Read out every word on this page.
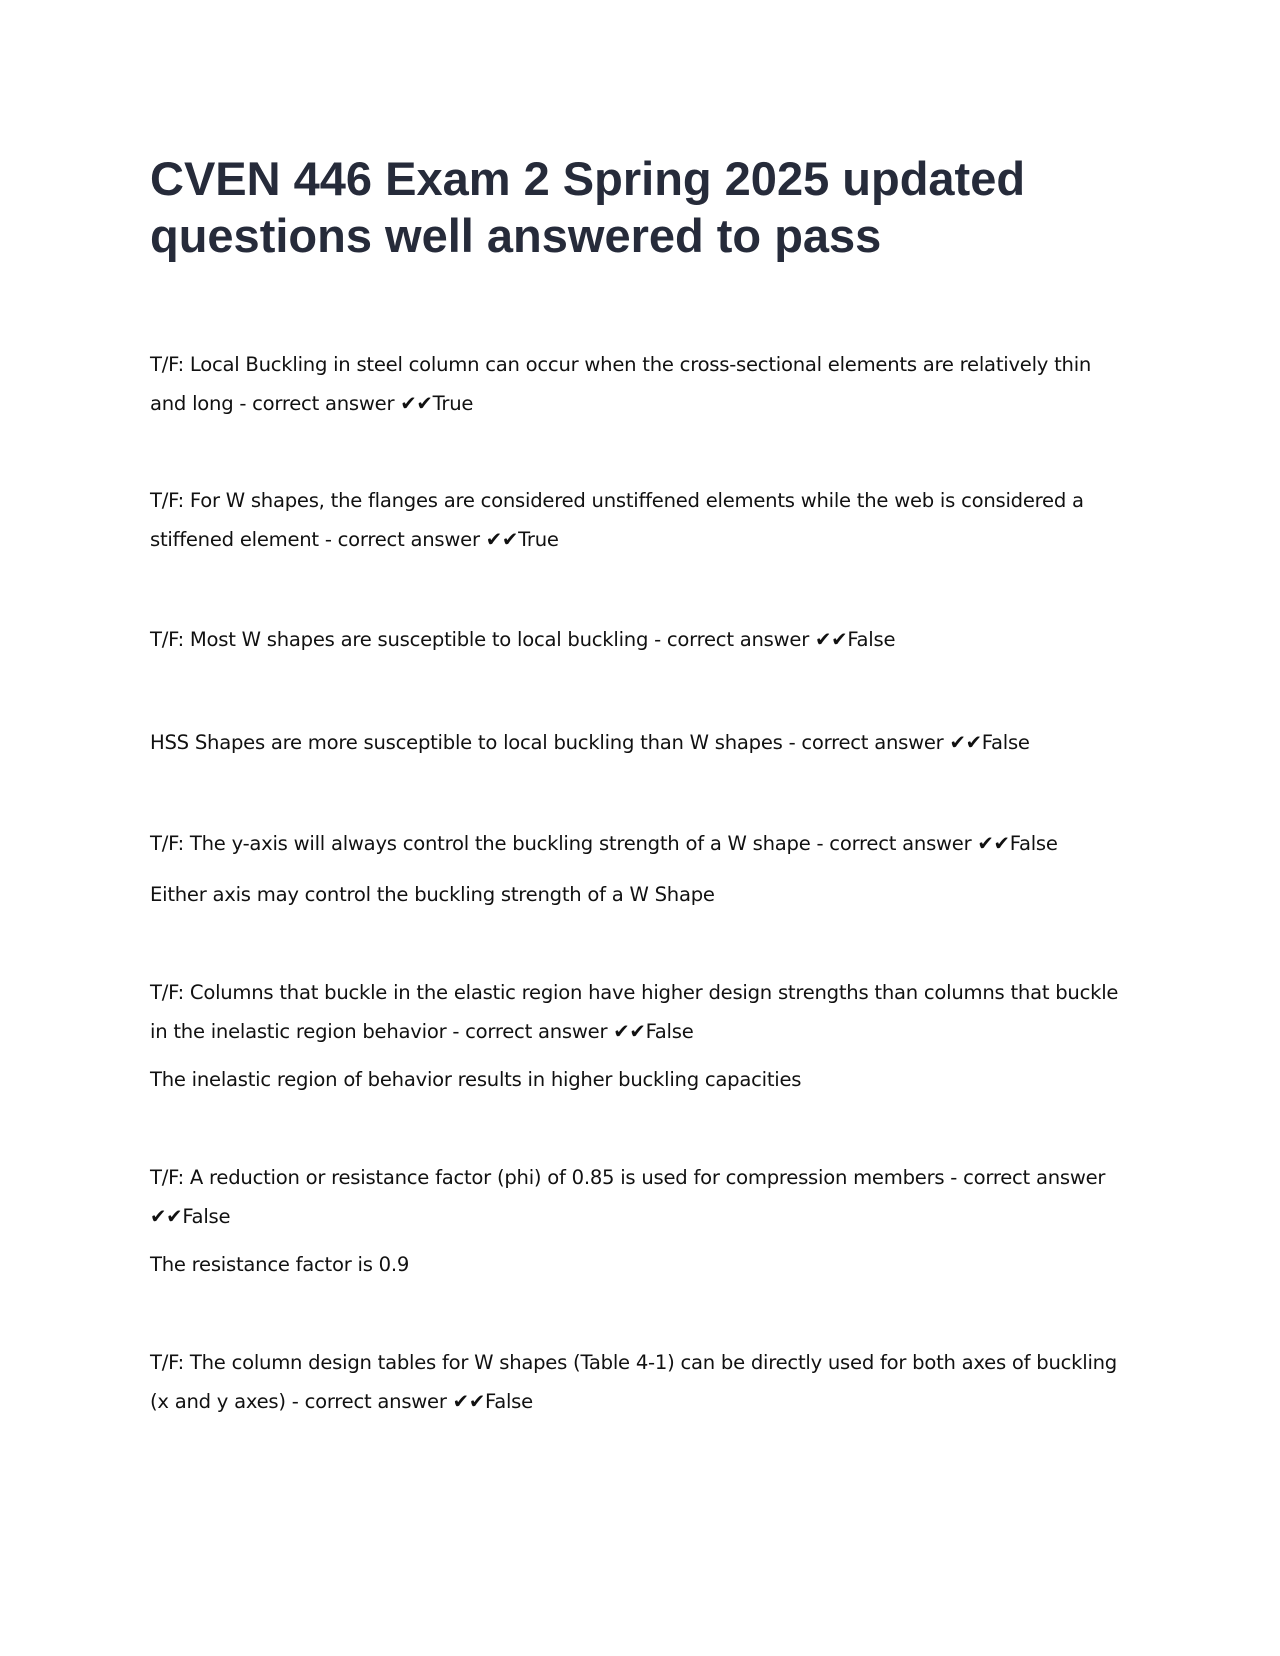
CVEN 446 Exam 2 Spring 2025 updated questions well answered to pass

T/F: Local Buckling in steel column can occur when the cross-sectional elements are relatively thin and long - correct answer ✔✔True

T/F: For W shapes, the flanges are considered unstiffened elements while the web is considered a stiffened element - correct answer ✔✔True

T/F: Most W shapes are susceptible to local buckling - correct answer ✔✔False

HSS Shapes are more susceptible to local buckling than W shapes - correct answer ✔✔False

T/F: The y-axis will always control the buckling strength of a W shape - correct answer ✔✔False

Either axis may control the buckling strength of a W Shape

T/F: Columns that buckle in the elastic region have higher design strengths than columns that buckle in the inelastic region behavior - correct answer ✔✔False

The inelastic region of behavior results in higher buckling capacities

T/F: A reduction or resistance factor (phi) of 0.85 is used for compression members - correct answer ✔✔False

The resistance factor is 0.9

T/F: The column design tables for W shapes (Table 4-1) can be directly used for both axes of buckling (x and y axes) - correct answer ✔✔False
